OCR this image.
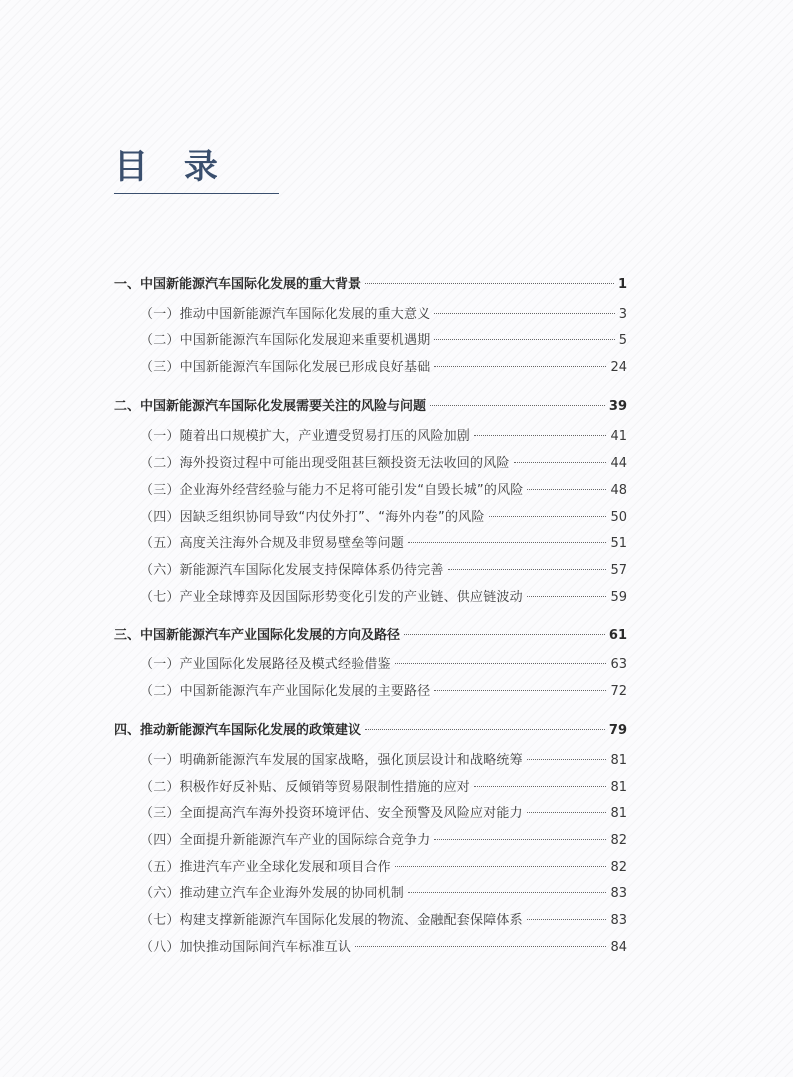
目 录
一、中国新能源汽车国际化发展的重大背景	1
（一）推动中国新能源汽车国际化发展的重大意义	3
（二）中国新能源汽车国际化发展迎来重要机遇期	5
（三）中国新能源汽车国际化发展已形成良好基础	24
二、中国新能源汽车国际化发展需要关注的风险与问题	39
（一）随着出口规模扩大，产业遭受贸易打压的风险加剧	41
（二）海外投资过程中可能出现受阻甚巨额投资无法收回的风险	44
（三）企业海外经营经验与能力不足将可能引发“自毁长城”的风险	48
（四）因缺乏组织协同导致“内仗外打”、“海外内卷”的风险	50
（五）高度关注海外合规及非贸易壁垒等问题	51
（六）新能源汽车国际化发展支持保障体系仍待完善	57
（七）产业全球博弈及因国际形势变化引发的产业链、供应链波动	59
三、中国新能源汽车产业国际化发展的方向及路径	61
（一）产业国际化发展路径及模式经验借鉴	63
（二）中国新能源汽车产业国际化发展的主要路径	72
四、推动新能源汽车国际化发展的政策建议	79
（一）明确新能源汽车发展的国家战略，强化顶层设计和战略统筹	81
（二）积极作好反补贴、反倾销等贸易限制性措施的应对	81
（三）全面提高汽车海外投资环境评估、安全预警及风险应对能力	81
（四）全面提升新能源汽车产业的国际综合竞争力	82
（五）推进汽车产业全球化发展和项目合作	82
（六）推动建立汽车企业海外发展的协同机制	83
（七）构建支撑新能源汽车国际化发展的物流、金融配套保障体系	83
（八）加快推动国际间汽车标准互认	84
